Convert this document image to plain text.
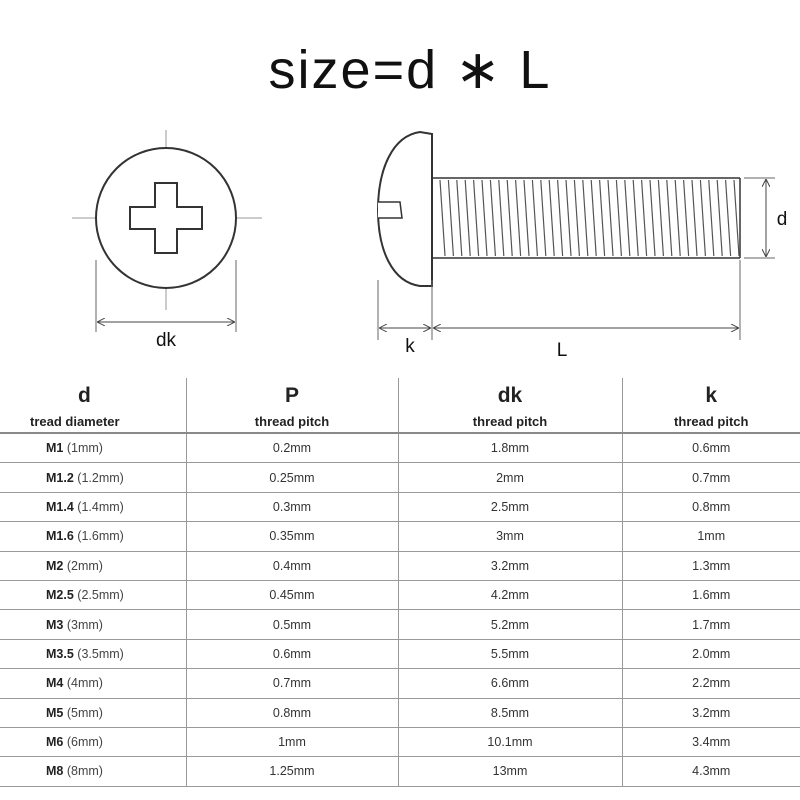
size=d ∗ L
dk
d
k	L
d	P	dk	k
tread diameter	thread pitch	thread pitch	thread pitch
M1 (1mm)	0.2mm	1.8mm	0.6mm
M1.2 (1.2mm)	0.25mm	2mm	0.7mm
M1.4 (1.4mm)	0.3mm	2.5mm	0.8mm
M1.6 (1.6mm)	0.35mm	3mm	1mm
M2 (2mm)	0.4mm	3.2mm	1.3mm
M2.5 (2.5mm)	0.45mm	4.2mm	1.6mm
M3 (3mm)	0.5mm	5.2mm	1.7mm
M3.5 (3.5mm)	0.6mm	5.5mm	2.0mm
M4 (4mm)	0.7mm	6.6mm	2.2mm
M5 (5mm)	0.8mm	8.5mm	3.2mm
M6 (6mm)	1mm	10.1mm	3.4mm
M8 (8mm)	1.25mm	13mm	4.3mm
